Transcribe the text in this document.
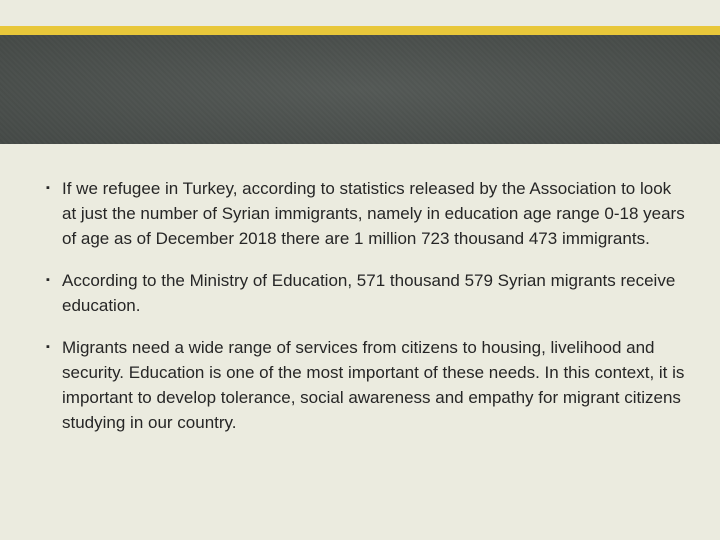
▪ If we refugee in Turkey, according to statistics released by the Association to look at just the number of Syrian immigrants, namely in education age range 0-18 years of age as of December 2018 there are 1 million 723 thousand 473 immigrants.
▪ According to the Ministry of Education, 571 thousand 579 Syrian migrants receive education.
▪ Migrants need a wide range of services from citizens to housing, livelihood and security. Education is one of the most important of these needs. In this context, it is important to develop tolerance, social awareness and empathy for migrant citizens studying in our country.
